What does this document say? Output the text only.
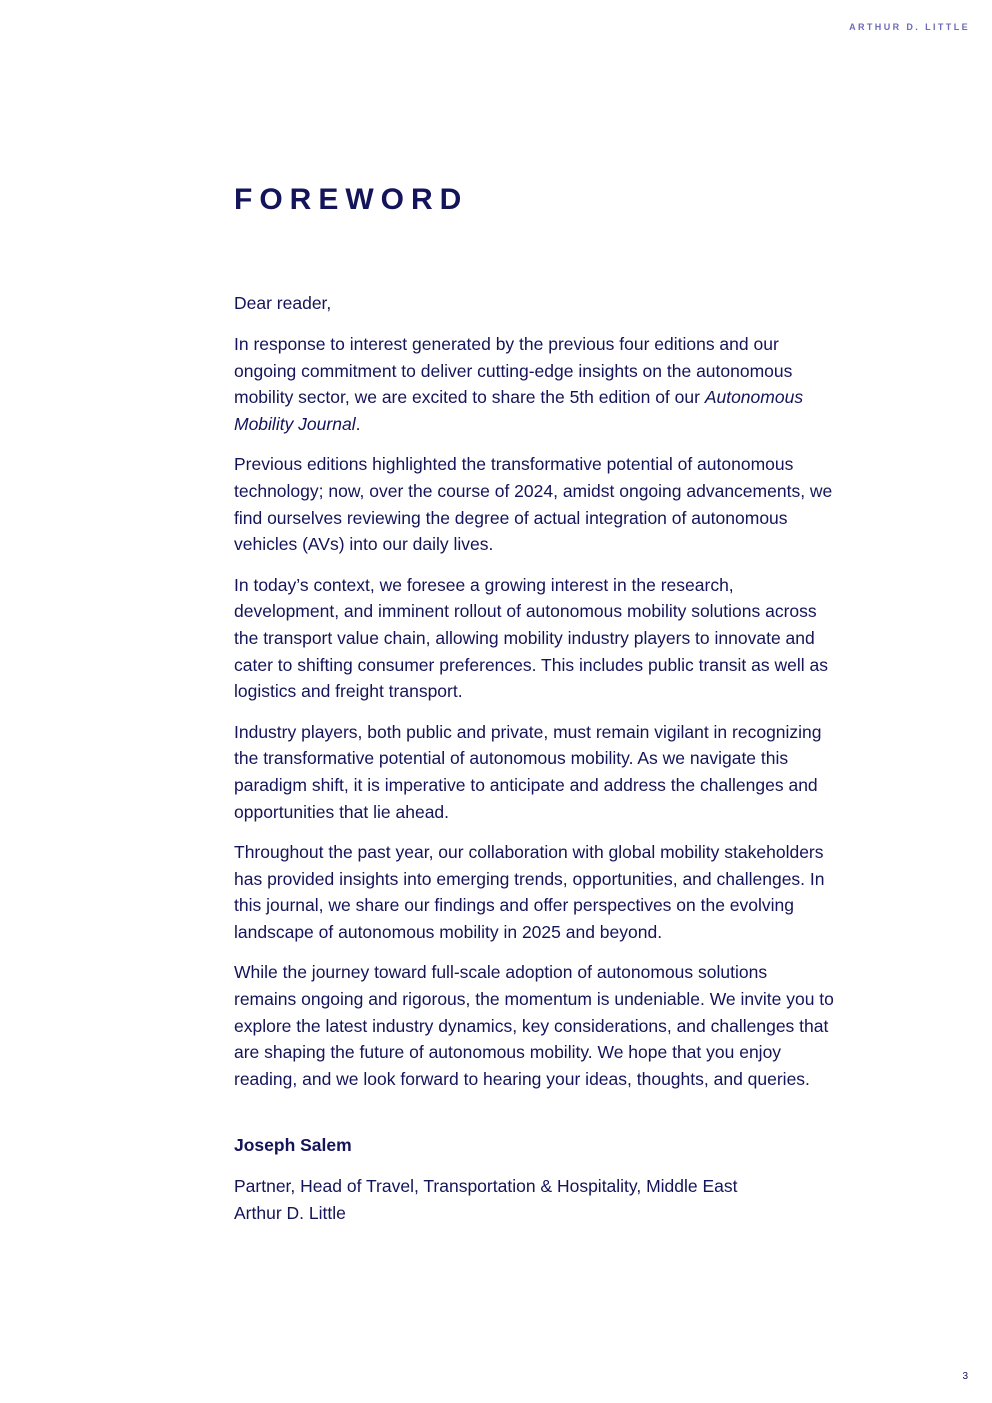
ARTHUR D. LITTLE
FOREWORD

Dear reader,

In response to interest generated by the previous four editions and our ongoing commitment to deliver cutting-edge insights on the autonomous mobility sector, we are excited to share the 5th edition of our Autonomous Mobility Journal.

Previous editions highlighted the transformative potential of autonomous technology; now, over the course of 2024, amidst ongoing advancements, we find ourselves reviewing the degree of actual integration of autonomous vehicles (AVs) into our daily lives.

In today’s context, we foresee a growing interest in the research, development, and imminent rollout of autonomous mobility solutions across the transport value chain, allowing mobility industry players to innovate and cater to shifting consumer preferences. This includes public transit as well as logistics and freight transport.

Industry players, both public and private, must remain vigilant in recognizing the transformative potential of autonomous mobility. As we navigate this paradigm shift, it is imperative to anticipate and address the challenges and opportunities that lie ahead.

Throughout the past year, our collaboration with global mobility stakeholders has provided insights into emerging trends, opportunities, and challenges. In this journal, we share our findings and offer perspectives on the evolving landscape of autonomous mobility in 2025 and beyond.

While the journey toward full-scale adoption of autonomous solutions remains ongoing and rigorous, the momentum is undeniable. We invite you to explore the latest industry dynamics, key considerations, and challenges that are shaping the future of autonomous mobility. We hope that you enjoy reading, and we look forward to hearing your ideas, thoughts, and queries.

Joseph Salem

Partner, Head of Travel, Transportation & Hospitality, Middle East
Arthur D. Little

3
